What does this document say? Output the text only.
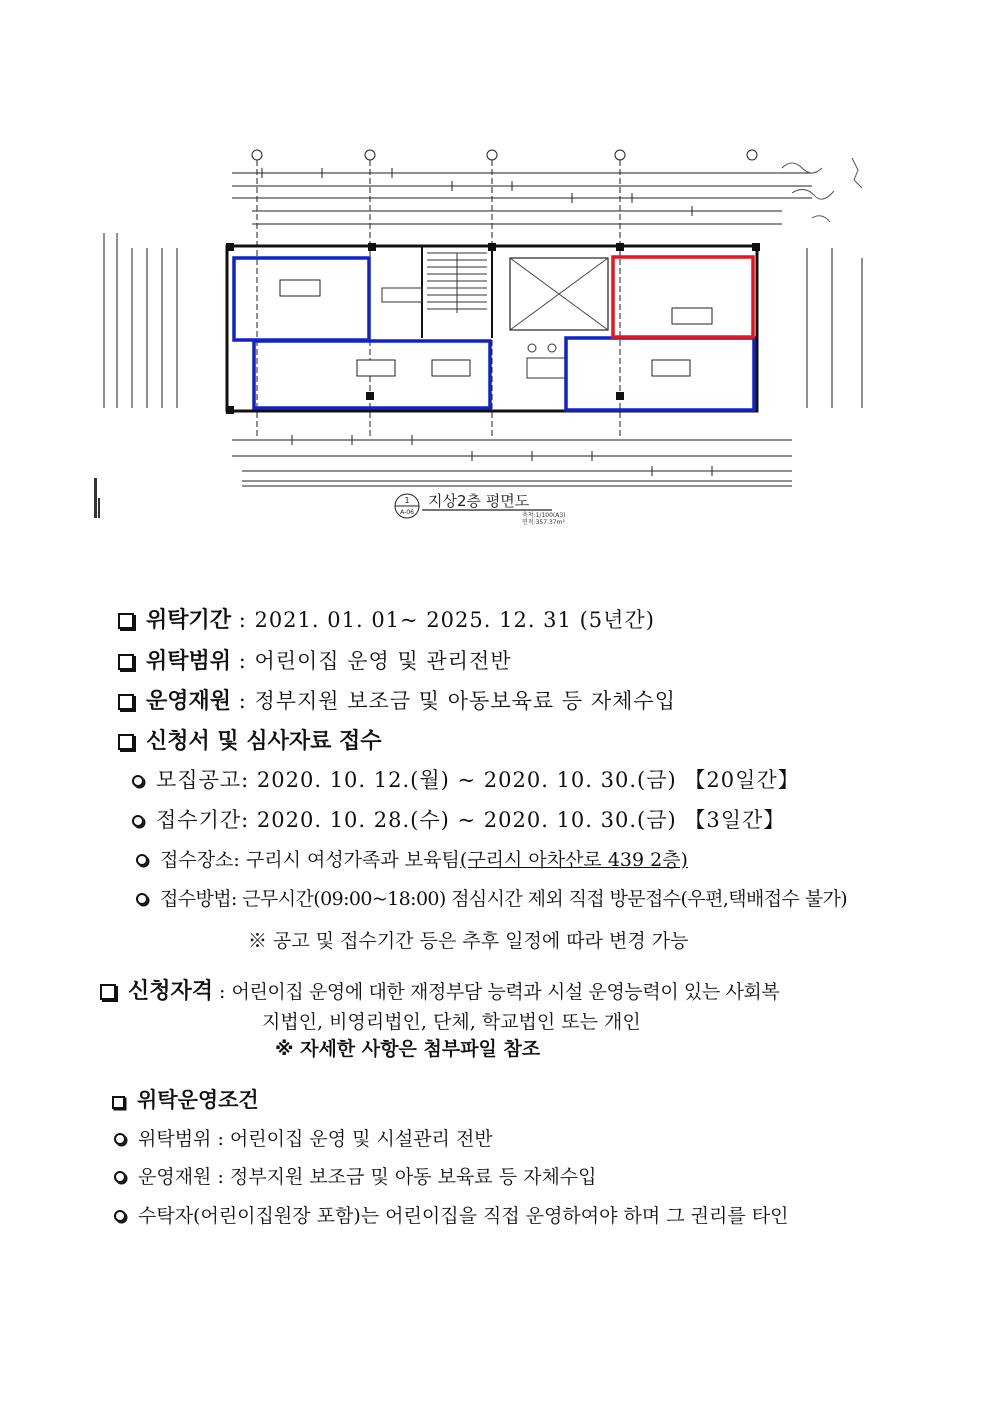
1
A-06
지상2층 평면도
축척:1/100(A3)
면적:357.37m²
위탁기간 : 2021. 01. 01~ 2025. 12. 31 (5년간)
위탁범위 : 어린이집 운영 및 관리전반
운영재원 : 정부지원 보조금 및 아동보육료 등 자체수입
신청서 및 심사자료 접수
모집공고: 2020. 10. 12.(월) ~ 2020. 10. 30.(금) 【20일간】
접수기간: 2020. 10. 28.(수) ~ 2020. 10. 30.(금) 【3일간】
접수장소: 구리시 여성가족과 보육팀(구리시 아차산로 439 2층)
접수방법: 근무시간(09:00~18:00) 점심시간 제외 직접 방문접수(우편,택배접수 불가)
※ 공고 및 접수기간 등은 추후 일정에 따라 변경 가능
신청자격 : 어린이집 운영에 대한 재정부담 능력과 시설 운영능력이 있는 사회복
지법인, 비영리법인, 단체, 학교법인 또는 개인
※ 자세한 사항은 첨부파일 참조
위탁운영조건
위탁범위 : 어린이집 운영 및 시설관리 전반
운영재원 : 정부지원 보조금 및 아동 보육료 등 자체수입
수탁자(어린이집원장 포함)는 어린이집을 직접 운영하여야 하며 그 권리를 타인
